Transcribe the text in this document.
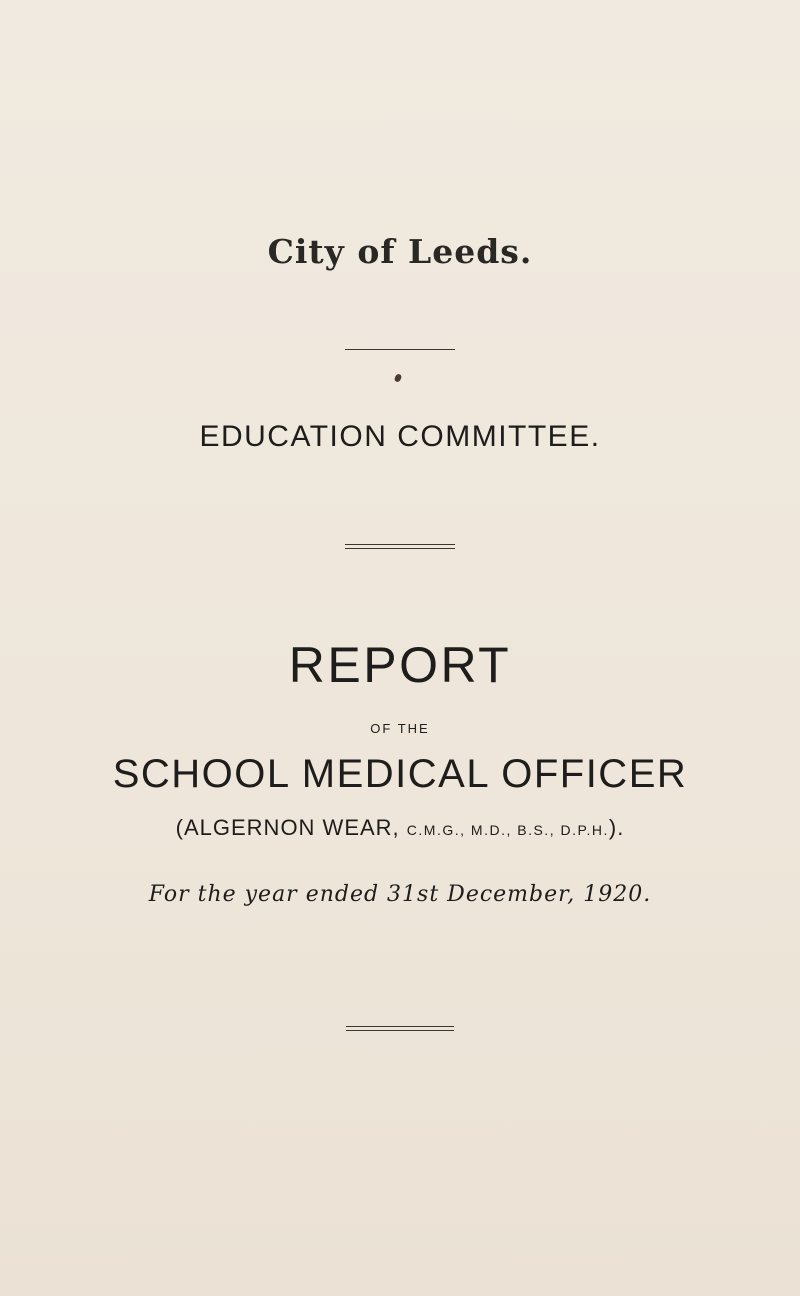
City of Leeds.
EDUCATION COMMITTEE.
REPORT
OF THE
SCHOOL MEDICAL OFFICER
(ALGERNON WEAR, C.M.G., M.D., B.S., D.P.H.).
For the year ended 31st December, 1920.
